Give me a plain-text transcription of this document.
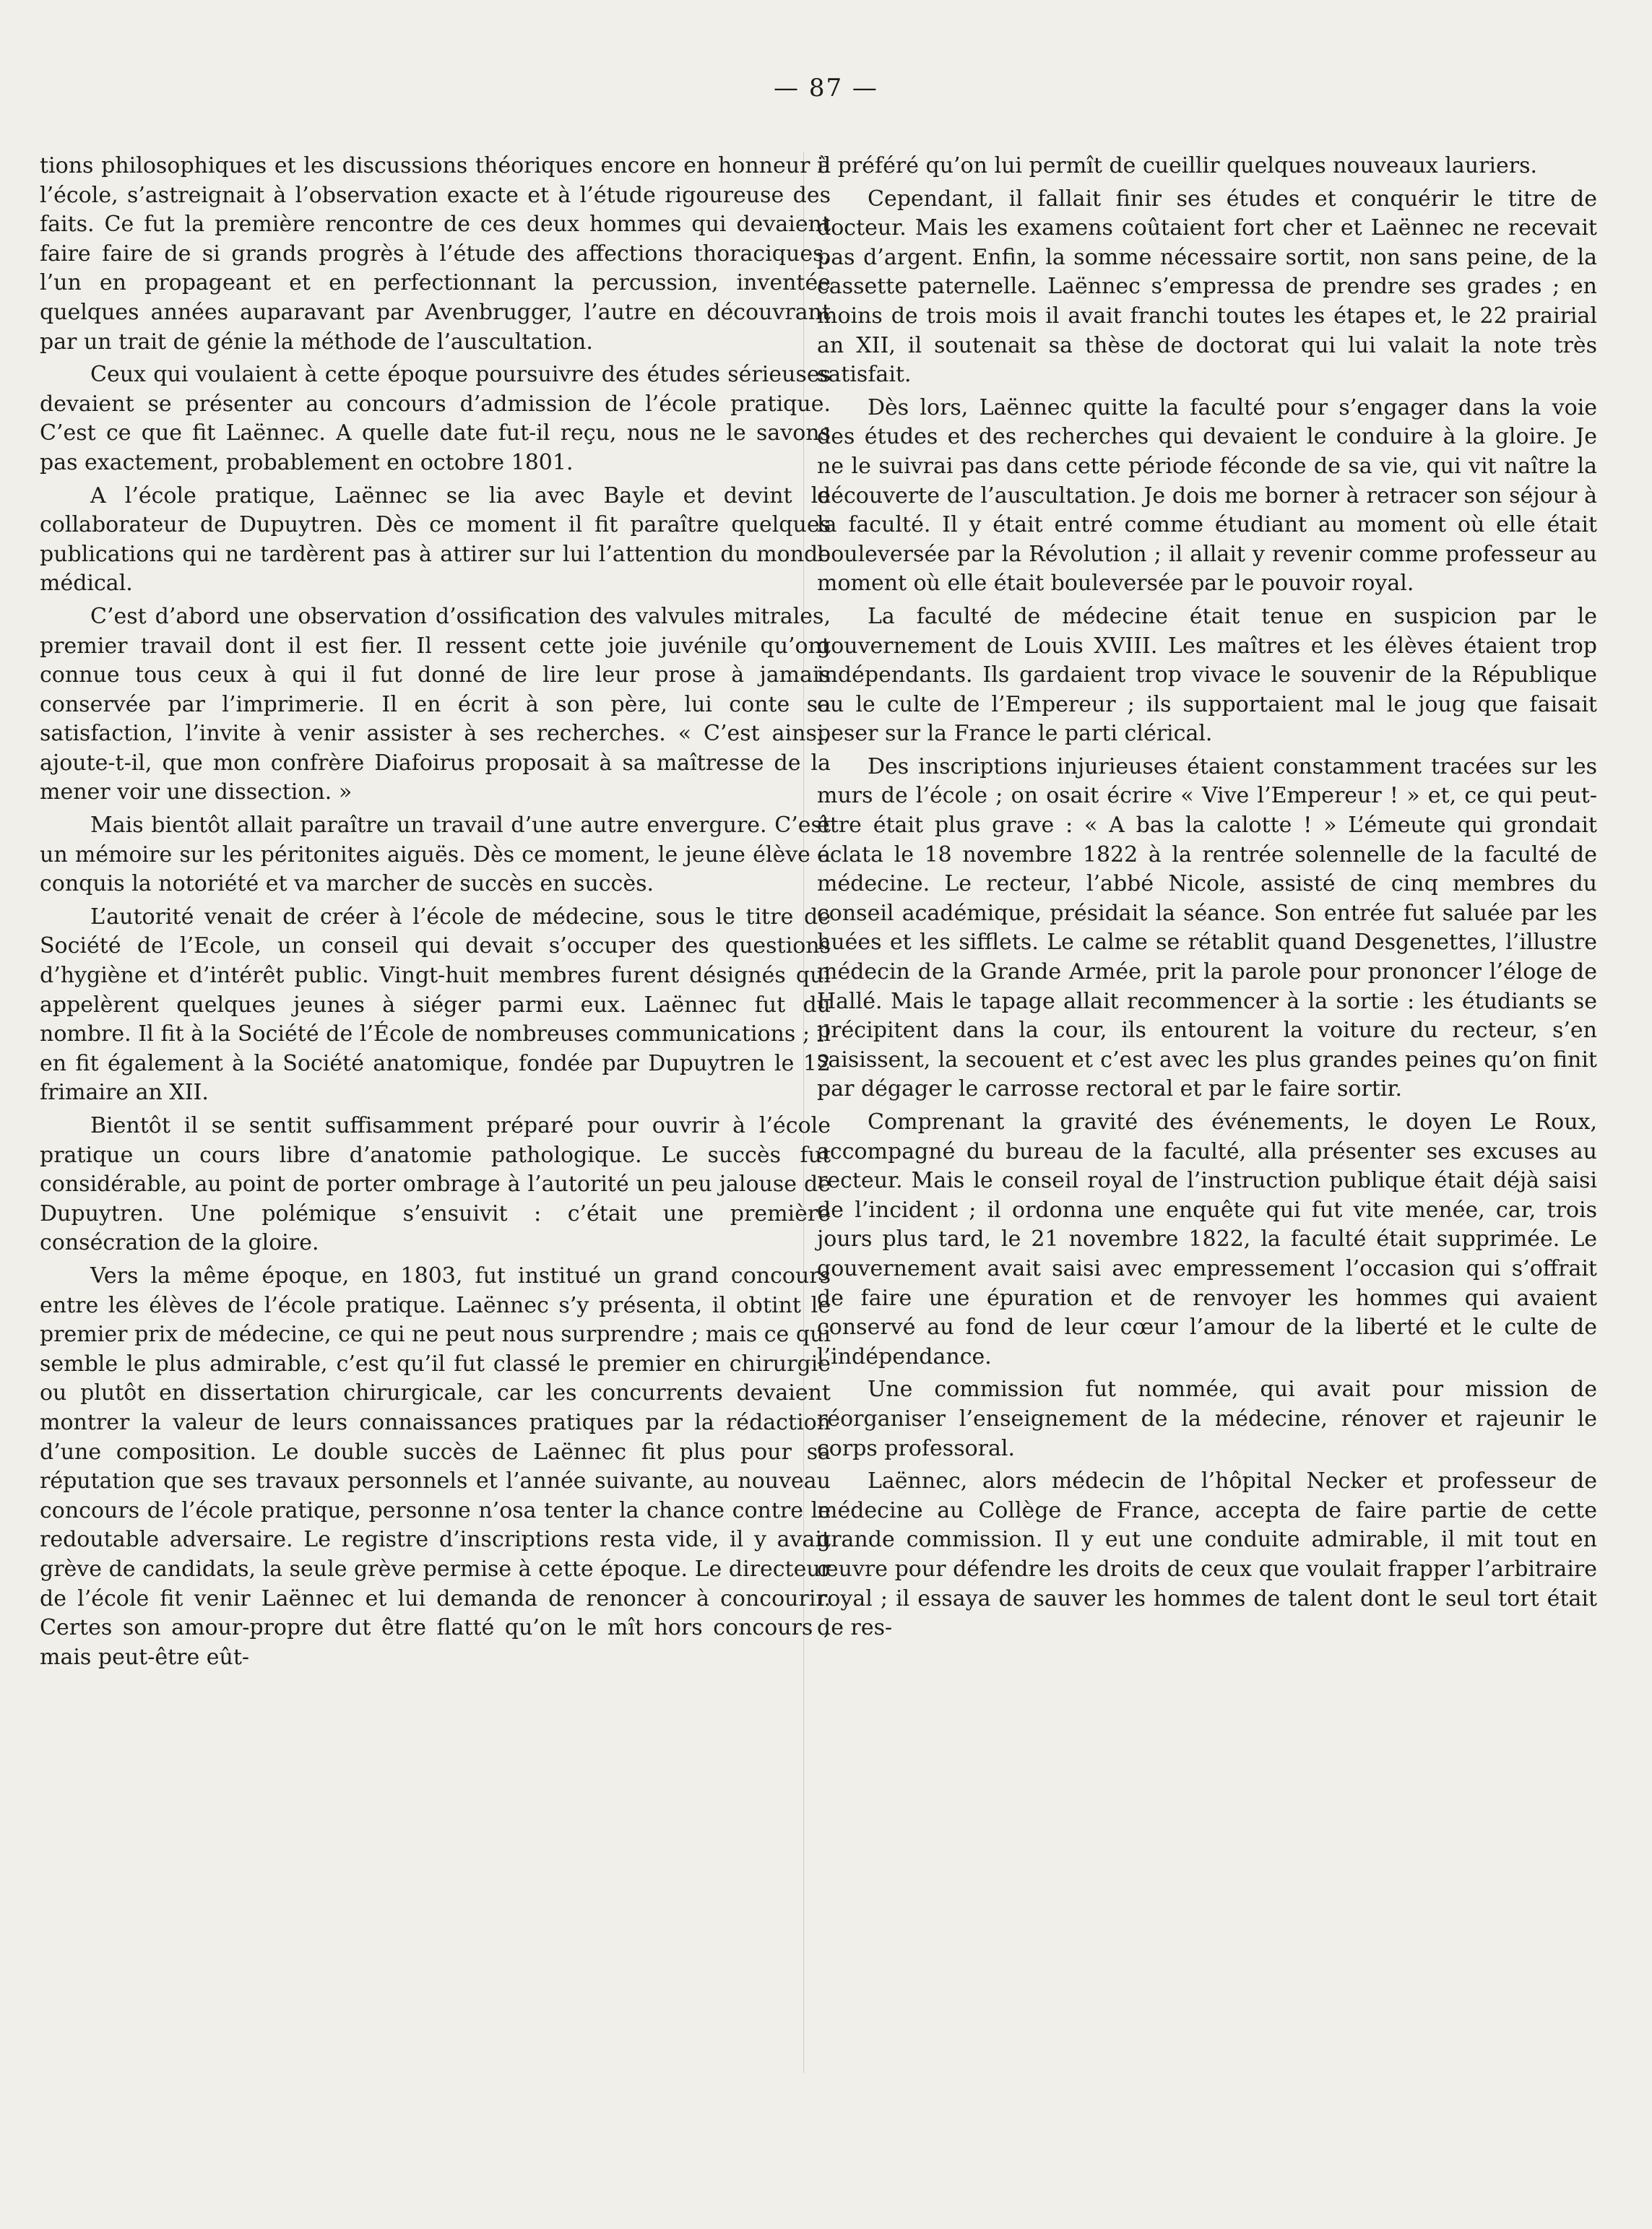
— 87 —

tions philosophiques et les discussions théoriques encore en honneur à l’école, s’astreignait à l’observation exacte et à l’étude rigoureuse des faits. Ce fut la première rencontre de ces deux hommes qui devaient faire faire de si grands progrès à l’étude des affections thoraciques, l’un en propageant et en perfectionnant la percussion, inventée quelques années auparavant par Avenbrugger, l’autre en découvrant par un trait de génie la méthode de l’auscultation.

Ceux qui voulaient à cette époque poursuivre des études sérieuses devaient se présenter au concours d’admission de l’école pratique. C’est ce que fit Laënnec. A quelle date fut-il reçu, nous ne le savons pas exactement, probablement en octobre 1801.

A l’école pratique, Laënnec se lia avec Bayle et devint le collaborateur de Dupuytren. Dès ce moment il fit paraître quelques publications qui ne tardèrent pas à attirer sur lui l’attention du monde médical.

C’est d’abord une observation d’ossification des valvules mitrales, premier travail dont il est fier. Il ressent cette joie juvénile qu’ont connue tous ceux à qui il fut donné de lire leur prose à jamais conservée par l’imprimerie. Il en écrit à son père, lui conte sa satisfaction, l’invite à venir assister à ses recherches. « C’est ainsi, ajoute-t-il, que mon confrère Diafoirus proposait à sa maîtresse de la mener voir une dissection. »

Mais bientôt allait paraître un travail d’une autre envergure. C’est un mémoire sur les péritonites aiguës. Dès ce moment, le jeune élève a conquis la notoriété et va marcher de succès en succès.

L’autorité venait de créer à l’école de médecine, sous le titre de Société de l’Ecole, un conseil qui devait s’occuper des questions d’hygiène et d’intérêt public. Vingt-huit membres furent désignés qui appelèrent quelques jeunes à siéger parmi eux. Laënnec fut du nombre. Il fit à la Société de l’École de nombreuses communications ; il en fit également à la Société anatomique, fondée par Dupuytren le 12 frimaire an XII.

Bientôt il se sentit suffisamment préparé pour ouvrir à l’école pratique un cours libre d’anatomie pathologique. Le succès fut considérable, au point de porter ombrage à l’autorité un peu jalouse de Dupuytren. Une polémique s’ensuivit : c’était une première consécration de la gloire.

Vers la même époque, en 1803, fut institué un grand concours entre les élèves de l’école pratique. Laënnec s’y présenta, il obtint le premier prix de médecine, ce qui ne peut nous surprendre ; mais ce qui semble le plus admirable, c’est qu’il fut classé le premier en chirurgie ou plutôt en dissertation chirurgicale, car les concurrents devaient montrer la valeur de leurs connaissances pratiques par la rédaction d’une composition. Le double succès de Laënnec fit plus pour sa réputation que ses travaux personnels et l’année suivante, au nouveau concours de l’école pratique, personne n’osa tenter la chance contre le redoutable adversaire. Le registre d’inscriptions resta vide, il y avait grève de candidats, la seule grève permise à cette époque. Le directeur de l’école fit venir Laënnec et lui demanda de renoncer à concourir. Certes son amour-propre dut être flatté qu’on le mît hors concours ; mais peut-être eût-

il préféré qu’on lui permît de cueillir quelques nouveaux lauriers.

Cependant, il fallait finir ses études et conquérir le titre de docteur. Mais les examens coûtaient fort cher et Laënnec ne recevait pas d’argent. Enfin, la somme nécessaire sortit, non sans peine, de la cassette paternelle. Laënnec s’empressa de prendre ses grades ; en moins de trois mois il avait franchi toutes les étapes et, le 22 prairial an XII, il soutenait sa thèse de doctorat qui lui valait la note très satisfait.

Dès lors, Laënnec quitte la faculté pour s’engager dans la voie des études et des recherches qui devaient le conduire à la gloire. Je ne le suivrai pas dans cette période féconde de sa vie, qui vit naître la découverte de l’auscultation. Je dois me borner à retracer son séjour à la faculté. Il y était entré comme étudiant au moment où elle était bouleversée par la Révolution ; il allait y revenir comme professeur au moment où elle était bouleversée par le pouvoir royal.

La faculté de médecine était tenue en suspicion par le gouvernement de Louis XVIII. Les maîtres et les élèves étaient trop indépendants. Ils gardaient trop vivace le souvenir de la République ou le culte de l’Empereur ; ils supportaient mal le joug que faisait peser sur la France le parti clérical.

Des inscriptions injurieuses étaient constamment tracées sur les murs de l’école ; on osait écrire « Vive l’Empereur ! » et, ce qui peut-être était plus grave : « A bas la calotte ! » L’émeute qui grondait éclata le 18 novembre 1822 à la rentrée solennelle de la faculté de médecine. Le recteur, l’abbé Nicole, assisté de cinq membres du conseil académique, présidait la séance. Son entrée fut saluée par les huées et les sifflets. Le calme se rétablit quand Desgenettes, l’illustre médecin de la Grande Armée, prit la parole pour prononcer l’éloge de Hallé. Mais le tapage allait recommencer à la sortie : les étudiants se précipitent dans la cour, ils entourent la voiture du recteur, s’en saisissent, la secouent et c’est avec les plus grandes peines qu’on finit par dégager le carrosse rectoral et par le faire sortir.

Comprenant la gravité des événements, le doyen Le Roux, accompagné du bureau de la faculté, alla présenter ses excuses au recteur. Mais le conseil royal de l’instruction publique était déjà saisi de l’incident ; il ordonna une enquête qui fut vite menée, car, trois jours plus tard, le 21 novembre 1822, la faculté était supprimée. Le gouvernement avait saisi avec empressement l’occasion qui s’offrait de faire une épuration et de renvoyer les hommes qui avaient conservé au fond de leur cœur l’amour de la liberté et le culte de l’indépendance.

Une commission fut nommée, qui avait pour mission de réorganiser l’enseignement de la médecine, rénover et rajeunir le corps professoral.

Laënnec, alors médecin de l’hôpital Necker et professeur de médecine au Collège de France, accepta de faire partie de cette grande commission. Il y eut une conduite admirable, il mit tout en œuvre pour défendre les droits de ceux que voulait frapper l’arbitraire royal ; il essaya de sauver les hommes de talent dont le seul tort était de res-
